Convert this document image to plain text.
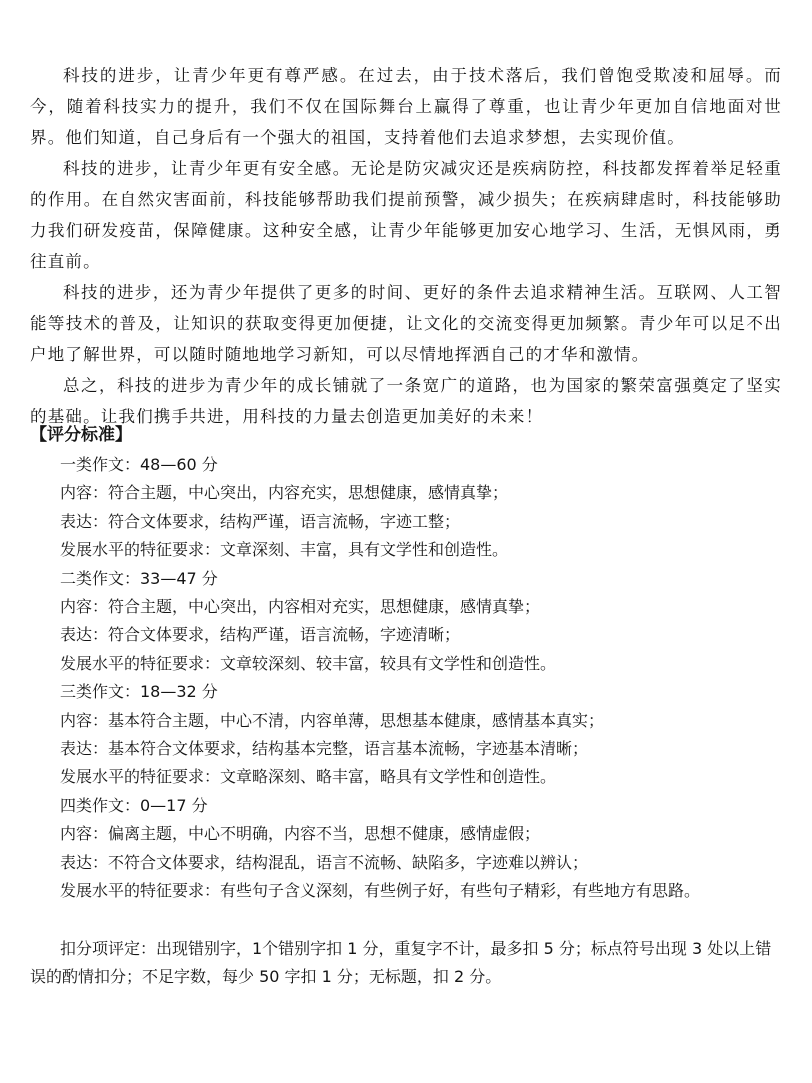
科技的进步，让青少年更有尊严感。在过去，由于技术落后，我们曾饱受欺凌和屈辱。而今，随着科技实力的提升，我们不仅在国际舞台上赢得了尊重，也让青少年更加自信地面对世界。他们知道，自己身后有一个强大的祖国，支持着他们去追求梦想，去实现价值。

科技的进步，让青少年更有安全感。无论是防灾减灾还是疾病防控，科技都发挥着举足轻重的作用。在自然灾害面前，科技能够帮助我们提前预警，减少损失；在疾病肆虐时，科技能够助力我们研发疫苗，保障健康。这种安全感，让青少年能够更加安心地学习、生活，无惧风雨，勇往直前。

科技的进步，还为青少年提供了更多的时间、更好的条件去追求精神生活。互联网、人工智能等技术的普及，让知识的获取变得更加便捷，让文化的交流变得更加频繁。青少年可以足不出户地了解世界，可以随时随地地学习新知，可以尽情地挥洒自己的才华和激情。

总之，科技的进步为青少年的成长铺就了一条宽广的道路，也为国家的繁荣富强奠定了坚实的基础。让我们携手共进，用科技的力量去创造更加美好的未来！

【评分标准】

一类作文：48—60 分

内容：符合主题，中心突出，内容充实，思想健康，感情真挚；

表达：符合文体要求，结构严谨，语言流畅，字迹工整；

发展水平的特征要求：文章深刻、丰富，具有文学性和创造性。

二类作文：33—47 分

内容：符合主题，中心突出，内容相对充实，思想健康，感情真挚；

表达：符合文体要求，结构严谨，语言流畅，字迹清晰；

发展水平的特征要求：文章较深刻、较丰富，较具有文学性和创造性。

三类作文：18—32 分

内容：基本符合主题，中心不清，内容单薄，思想基本健康，感情基本真实；

表达：基本符合文体要求，结构基本完整，语言基本流畅，字迹基本清晰；

发展水平的特征要求：文章略深刻、略丰富，略具有文学性和创造性。

四类作文：0—17 分

内容：偏离主题，中心不明确，内容不当，思想不健康，感情虚假；

表达：不符合文体要求，结构混乱，语言不流畅、缺陷多，字迹难以辨认；

发展水平的特征要求：有些句子含义深刻，有些例子好，有些句子精彩，有些地方有思路。

扣分项评定：出现错别字，1个错别字扣 1 分，重复字不计，最多扣 5 分；标点符号出现 3 处以上错误的酌情扣分；不足字数，每少 50 字扣 1 分；无标题，扣 2 分。
